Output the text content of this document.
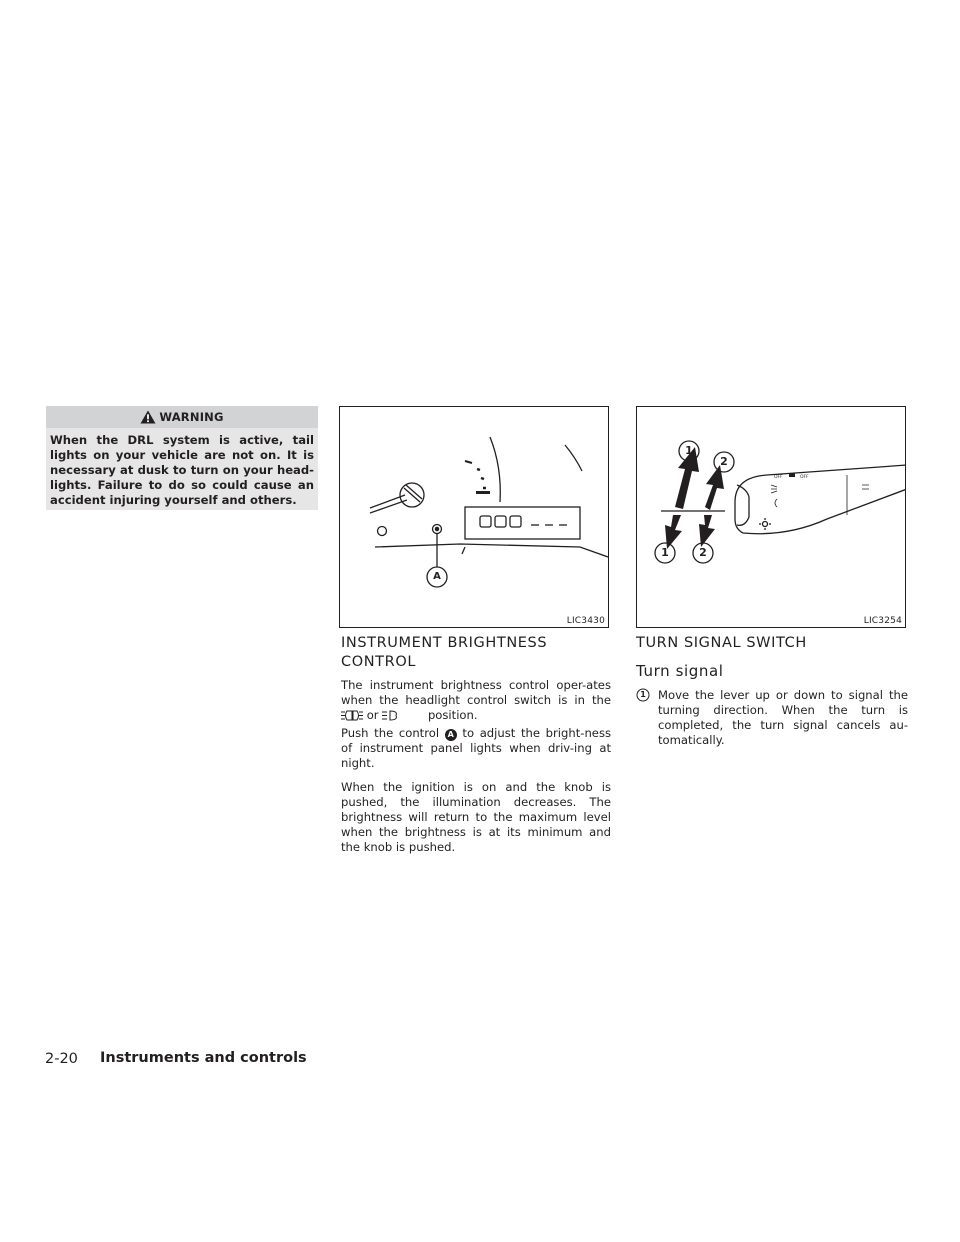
WARNING
When the DRL system is active, tail lights on your vehicle are not on. It is necessary at dusk to turn on your head-lights. Failure to do so could cause an accident injuring yourself and others.
A
LIC3430
1
2
1	2
OFF	OFF
LIC3254
INSTRUMENT BRIGHTNESS
CONTROL
The instrument brightness control oper-ates when the headlight control switch is in the  or	position.
Push the control A to adjust the bright-ness of instrument panel lights when driv-ing at night.
When the ignition is on and the knob is pushed, the illumination decreases. The brightness will return to the maximum level when the brightness is at its minimum and the knob is pushed.
TURN SIGNAL SWITCH
Turn signal
1	Move the lever up or down to signal the turning direction. When the turn is completed, the turn signal cancels au-tomatically.
2-20 Instruments and controls
